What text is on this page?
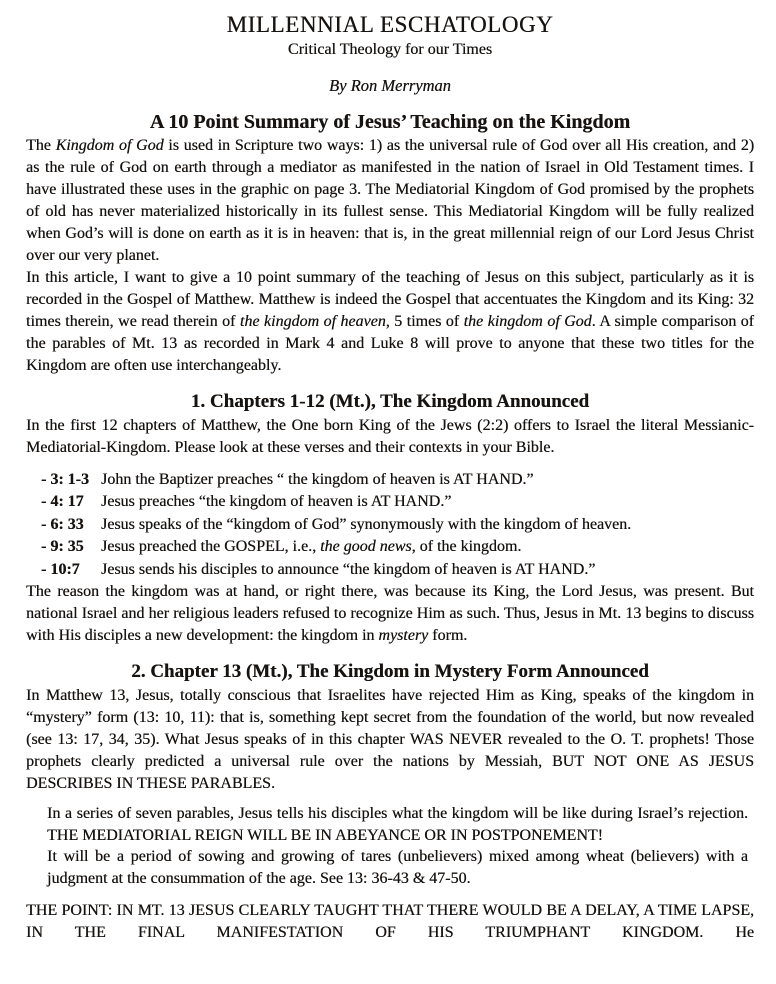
MILLENNIAL ESCHATOLOGY
Critical Theology for our Times
By Ron Merryman
A 10 Point Summary of Jesus’ Teaching on the Kingdom

The Kingdom of God is used in Scripture two ways: 1) as the universal rule of God over all His creation, and 2) as the rule of God on earth through a mediator as manifested in the nation of Israel in Old Testament times. I have illustrated these uses in the graphic on page 3. The Mediatorial Kingdom of God promised by the prophets of old has never materialized historically in its fullest sense. This Mediatorial Kingdom will be fully realized when God’s will is done on earth as it is in heaven: that is, in the great millennial reign of our Lord Jesus Christ over our very planet.

In this article, I want to give a 10 point summary of the teaching of Jesus on this subject, particularly as it is recorded in the Gospel of Matthew. Matthew is indeed the Gospel that accentuates the Kingdom and its King: 32 times therein, we read therein of the kingdom of heaven, 5 times of the kingdom of God. A simple comparison of the parables of Mt. 13 as recorded in Mark 4 and Luke 8 will prove to anyone that these two titles for the Kingdom are often use interchangeably.

1. Chapters 1-12 (Mt.), The Kingdom Announced

In the first 12 chapters of Matthew, the One born King of the Jews (2:2) offers to Israel the literal Messianic-Mediatorial-Kingdom. Please look at these verses and their contexts in your Bible.

- 3: 1-3 John the Baptizer preaches “ the kingdom of heaven is AT HAND.”
- 4: 17	Jesus preaches “the kingdom of heaven is AT HAND.”
- 6: 33	Jesus speaks of the “kingdom of God” synonymously with the kingdom of heaven.
- 9: 35	Jesus preached the GOSPEL, i.e., the good news, of the kingdom.
- 10:7	Jesus sends his disciples to announce “the kingdom of heaven is AT HAND.”

The reason the kingdom was at hand, or right there, was because its King, the Lord Jesus, was present. But national Israel and her religious leaders refused to recognize Him as such. Thus, Jesus in Mt. 13 begins to discuss with His disciples a new development: the kingdom in mystery form.

2. Chapter 13 (Mt.), The Kingdom in Mystery Form Announced

In Matthew 13, Jesus, totally conscious that Israelites have rejected Him as King, speaks of the kingdom in “mystery” form (13: 10, 11): that is, something kept secret from the foundation of the world, but now revealed (see 13: 17, 34, 35). What Jesus speaks of in this chapter WAS NEVER revealed to the O. T. prophets! Those prophets clearly predicted a universal rule over the nations by Messiah, BUT NOT ONE AS JESUS DESCRIBES IN THESE PARABLES.

In a series of seven parables, Jesus tells his disciples what the kingdom will be like during Israel’s rejection. THE MEDIATORIAL REIGN WILL BE IN ABEYANCE OR IN POSTPONEMENT!

It will be a period of sowing and growing of tares (unbelievers) mixed among wheat (believers) with a judgment at the consummation of the age. See 13: 36-43 & 47-50.

THE POINT: IN MT. 13 JESUS CLEARLY TAUGHT THAT THERE WOULD BE A DELAY, A TIME LAPSE, IN THE FINAL MANIFESTATION OF HIS TRIUMPHANT KINGDOM. He
